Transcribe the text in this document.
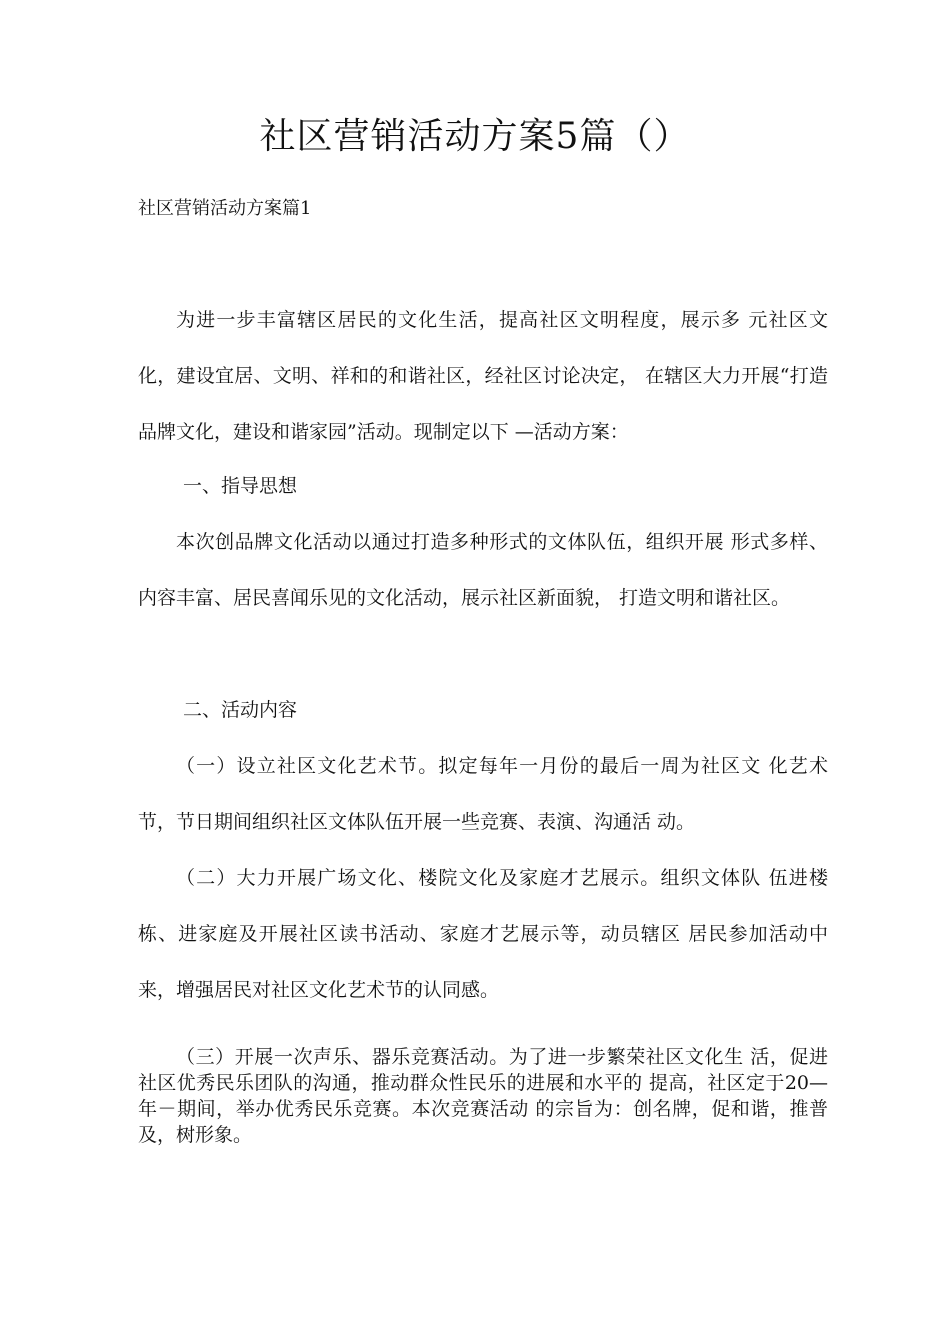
社区营销活动方案5篇（）

社区营销活动方案篇1

为进一步丰富辖区居民的文化生活，提高社区文明程度，展示多 元社区文化，建设宜居、文明、祥和的和谐社区，经社区讨论决定， 在辖区大力开展“打造品牌文化，建设和谐家园”活动。现制定以下 —活动方案：

一、指导思想

本次创品牌文化活动以通过打造多种形式的文体队伍，组织开展 形式多样、内容丰富、居民喜闻乐见的文化活动，展示社区新面貌， 打造文明和谐社区。

二、活动内容

（一）设立社区文化艺术节。拟定每年一月份的最后一周为社区文 化艺术节，节日期间组织社区文体队伍开展一些竞赛、表演、沟通活 动。

（二）大力开展广场文化、楼院文化及家庭才艺展示。组织文体队 伍进楼栋、进家庭及开展社区读书活动、家庭才艺展示等，动员辖区 居民参加活动中来，增强居民对社区文化艺术节的认同感。

（三）开展一次声乐、器乐竞赛活动。为了进一步繁荣社区文化生 活，促进社区优秀民乐团队的沟通，推动群众性民乐的进展和水平的 提高，社区定于20—年－期间，举办优秀民乐竞赛。本次竞赛活动 的宗旨为：创名牌，促和谐，推普及，树形象。
